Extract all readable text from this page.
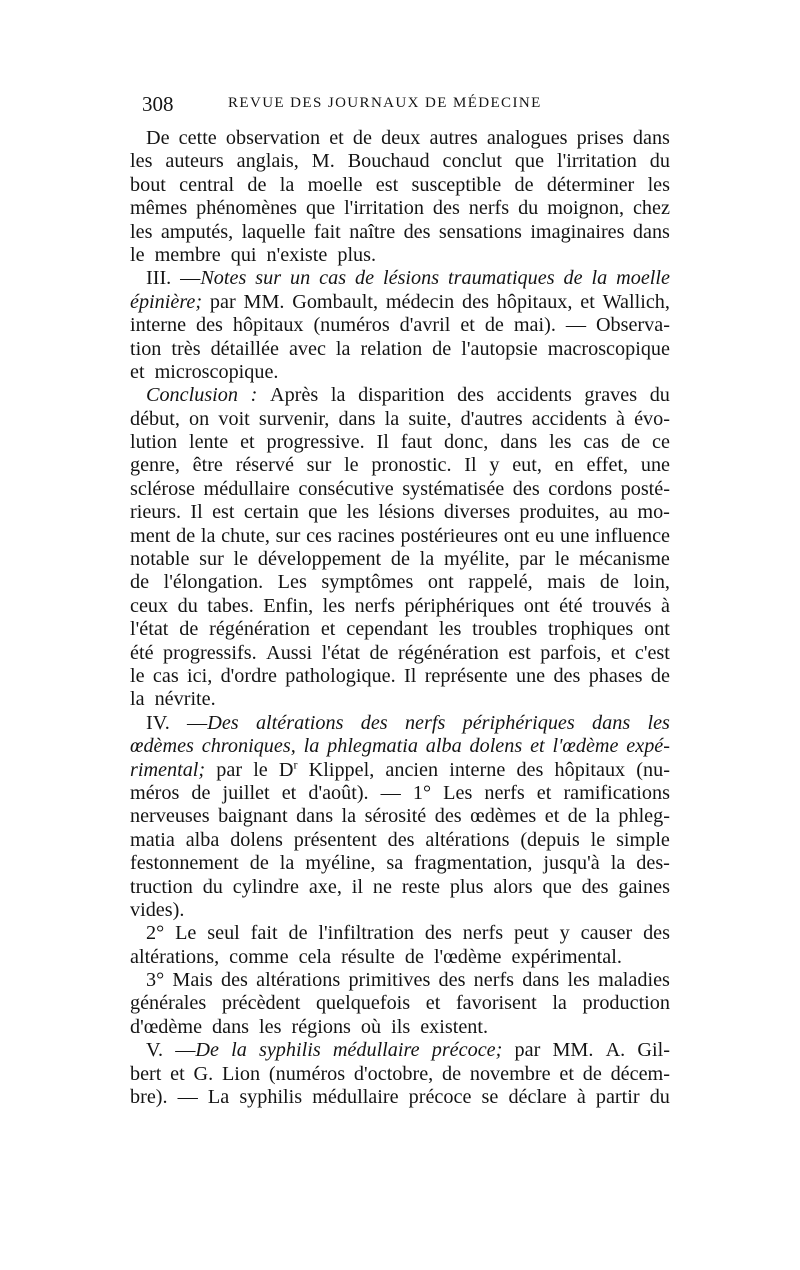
308	REVUE DES JOURNAUX DE MÉDECINE
De cette observation et de deux autres analogues prises dans
les auteurs anglais, M. Bouchaud conclut que l'irritation du
bout central de la moelle est susceptible de déterminer les
mêmes phénomènes que l'irritation des nerfs du moignon, chez
les amputés, laquelle fait naître des sensations imaginaires dans
le membre qui n'existe plus.
III. —Notes sur un cas de lésions traumatiques de la moelle
épinière; par MM. Gombault, médecin des hôpitaux, et Wallich,
interne des hôpitaux (numéros d'avril et de mai). — Observa-
tion très détaillée avec la relation de l'autopsie macroscopique
et microscopique.
Conclusion : Après la disparition des accidents graves du
début, on voit survenir, dans la suite, d'autres accidents à évo-
lution lente et progressive. Il faut donc, dans les cas de ce
genre, être réservé sur le pronostic. Il y eut, en effet, une
sclérose médullaire consécutive systématisée des cordons posté-
rieurs. Il est certain que les lésions diverses produites, au mo-
ment de la chute, sur ces racines postérieures ont eu une influence
notable sur le développement de la myélite, par le mécanisme
de l'élongation. Les symptômes ont rappelé, mais de loin,
ceux du tabes. Enfin, les nerfs périphériques ont été trouvés à
l'état de régénération et cependant les troubles trophiques ont
été progressifs. Aussi l'état de régénération est parfois, et c'est
le cas ici, d'ordre pathologique. Il représente une des phases de
la névrite.
IV. —Des altérations des nerfs périphériques dans les
œdèmes chroniques, la phlegmatia alba dolens et l'œdème expé-
rimental; par le $D^r$ Klippel, ancien interne des hôpitaux (nu-
méros de juillet et d'août). — 1° Les nerfs et ramifications
nerveuses baignant dans la sérosité des œdèmes et de la phleg-
matia alba dolens présentent des altérations (depuis le simple
festonnement de la myéline, sa fragmentation, jusqu'à la des-
truction du cylindre axe, il ne reste plus alors que des gaines
vides).
2° Le seul fait de l'infiltration des nerfs peut y causer des
altérations, comme cela résulte de l'œdème expérimental.
3° Mais des altérations primitives des nerfs dans les maladies
générales précèdent quelquefois et favorisent la production
d'œdème dans les régions où ils existent.
V. —De la syphilis médullaire précoce; par MM. A. Gil-
bert et G. Lion (numéros d'octobre, de novembre et de décem-
bre). — La syphilis médullaire précoce se déclare à partir du
